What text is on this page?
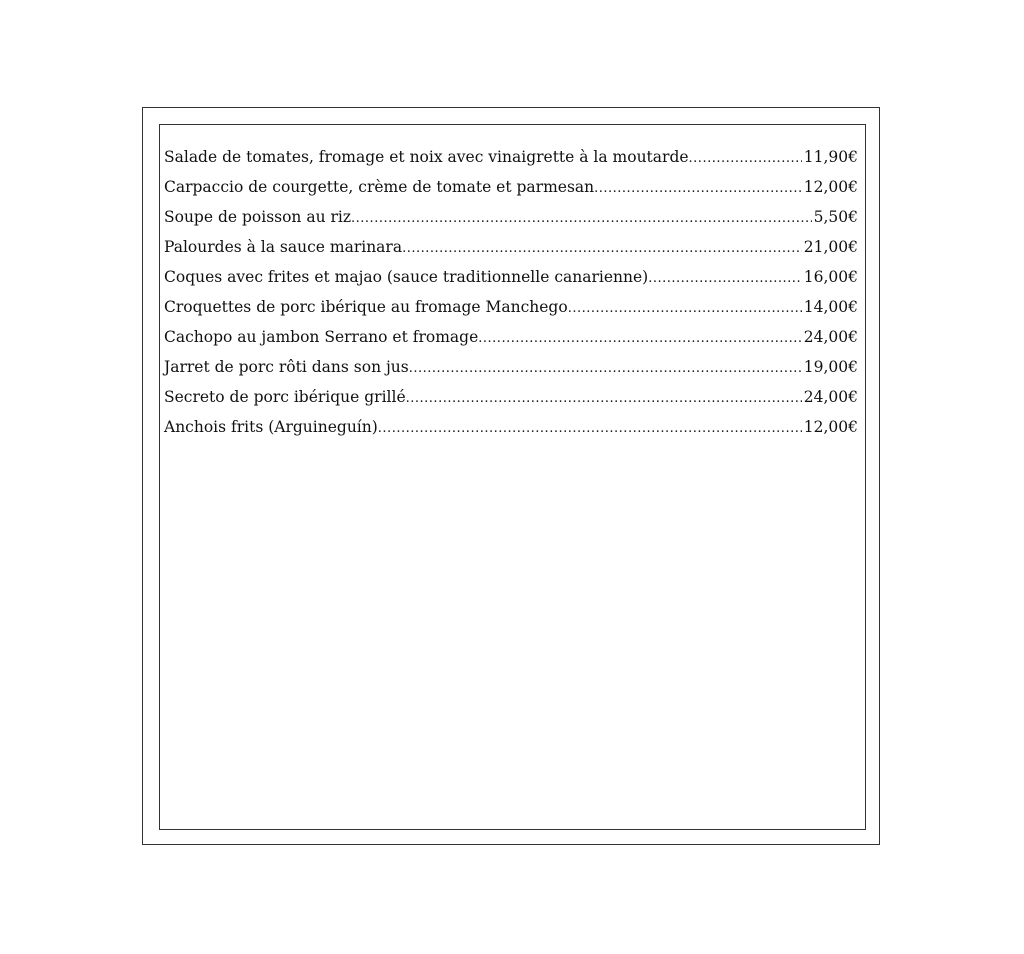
Salade de tomates, fromage et noix avec vinaigrette à la moutarde .....	11,90€
Carpaccio de courgette, crème de tomate et parmesan .....	12,00€
Soupe de poisson au riz .....	5,50€
Palourdes à la sauce marinara .....	21,00€
Coques avec frites et majao (sauce traditionnelle canarienne) .....	16,00€
Croquettes de porc ibérique au fromage Manchego .....	14,00€
Cachopo au jambon Serrano et fromage .....	24,00€
Jarret de porc rôti dans son jus .....	19,00€
Secreto de porc ibérique grillé .....	24,00€
Anchois frits (Arguineguín) .....	12,00€
